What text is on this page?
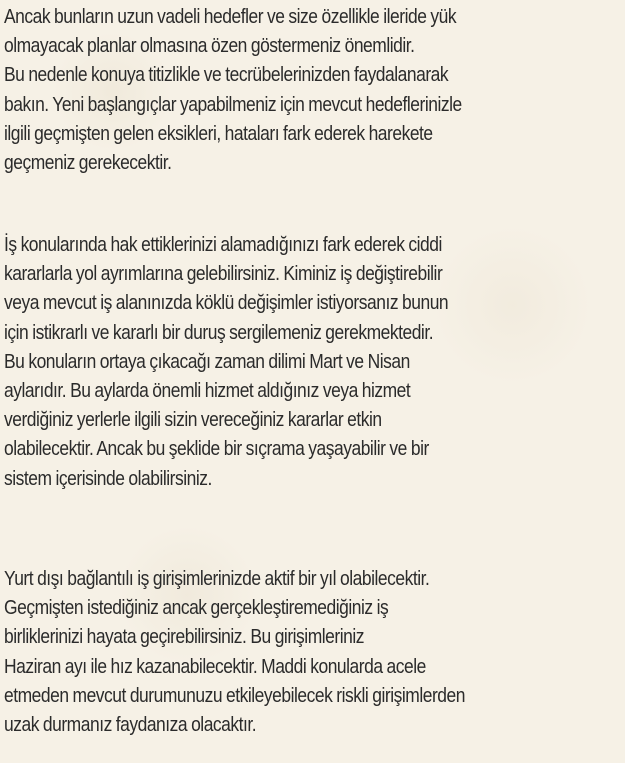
Ancak bunların uzun vadeli hedefler ve size özellikle ileride yük
olmayacak planlar olmasına özen göstermeniz önemlidir.
Bu nedenle konuya titizlikle ve tecrübelerinizden faydalanarak
bakın. Yeni başlangıçlar yapabilmeniz için mevcut hedeflerinizle
ilgili geçmişten gelen eksikleri, hataları fark ederek harekete
geçmeniz gerekecektir.

İş konularında hak ettiklerinizi alamadığınızı fark ederek ciddi
kararlarla yol ayrımlarına gelebilirsiniz. Kiminiz iş değiştirebilir
veya mevcut iş alanınızda köklü değişimler istiyorsanız bunun
için istikrarlı ve kararlı bir duruş sergilemeniz gerekmektedir.
Bu konuların ortaya çıkacağı zaman dilimi Mart ve Nisan
aylarıdır. Bu aylarda önemli hizmet aldığınız veya hizmet
verdiğiniz yerlerle ilgili sizin vereceğiniz kararlar etkin
olabilecektir. Ancak bu şeklide bir sıçrama yaşayabilir ve bir
sistem içerisinde olabilirsiniz.

Yurt dışı bağlantılı iş girişimlerinizde aktif bir yıl olabilecektir.
Geçmişten istediğiniz ancak gerçekleştiremediğiniz iş
birliklerinizi hayata geçirebilirsiniz. Bu girişimleriniz
Haziran ayı ile hız kazanabilecektir. Maddi konularda acele
etmeden mevcut durumunuzu etkileyebilecek riskli girişimlerden
uzak durmanız faydanıza olacaktır.
